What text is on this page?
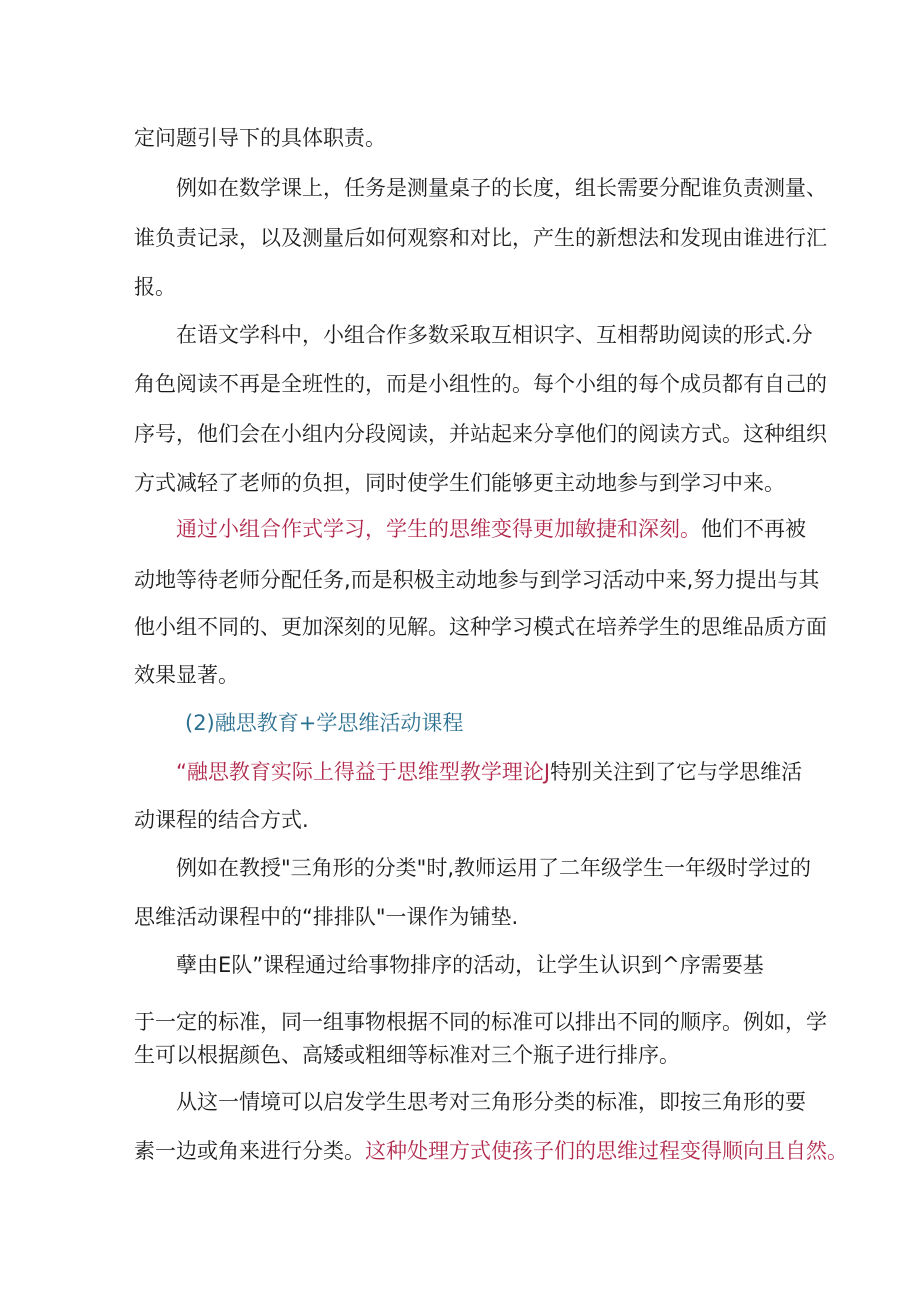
定问题引导下的具体职责。
例如在数学课上，任务是测量桌子的长度，组长需要分配谁负责测量、
谁负责记录，以及测量后如何观察和对比，产生的新想法和发现由谁进行汇
报。
在语文学科中，小组合作多数采取互相识字、互相帮助阅读的形式.分
角色阅读不再是全班性的，而是小组性的。每个小组的每个成员都有自己的
序号，他们会在小组内分段阅读，并站起来分享他们的阅读方式。这种组织
方式减轻了老师的负担，同时使学生们能够更主动地参与到学习中来。
通过小组合作式学习，学生的思维变得更加敏捷和深刻。他们不再被
动地等待老师分配任务,而是积极主动地参与到学习活动中来,努力提出与其
他小组不同的、更加深刻的见解。这种学习模式在培养学生的思维品质方面
效果显著。
(2)融思教育+学思维活动课程
“融思教育实际上得益于思维型教学理论J特别关注到了它与学思维活
动课程的结合方式.
例如在教授"三角形的分类"时,教师运用了二年级学生一年级时学过的
思维活动课程中的“排排队"一课作为铺垫.
孽由E队”课程通过给事物排序的活动，让学生认识到^序需要基
于一定的标准，同一组事物根据不同的标准可以排出不同的顺序。例如，学
生可以根据颜色、高矮或粗细等标准对三个瓶子进行排序。
从这一情境可以启发学生思考对三角形分类的标准，即按三角形的要
素一边或角来进行分类。这种处理方式使孩子们的思维过程变得顺向且自然。
